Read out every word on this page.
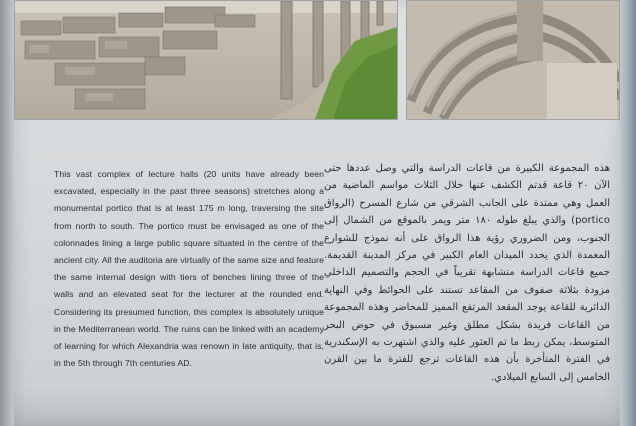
This vast complex of lecture halls (20 units have already been excavated, especially in the past three seasons) stretches along a monumental portico that is at least 175 m long, traversing the site from north to south. The portico must be envisaged as one of the colonnades lining a large public square situated in the centre of the ancient city. All the auditoria are virtually of the same size and feature the same internal design with tiers of benches lining three of the walls and an elevated seat for the lecturer at the rounded end. Considering its presumed function, this complex is absolutely unique in the Mediterranean world. The ruins can be linked with an academy of learning for which Alexandria was renown in late antiquity, that is, in the 5th through 7th centuries AD.
هذه المجموعة الكبيرة من قاعات الدراسة والتي وصل عددها حتى الآن ٢٠ قاعة قدتم الكشف عنها خلال الثلاث مواسم الماضية من العمل وهي ممتدة على الجانب الشرقي من شارع المسرح (الرواق portico) والذي يبلغ طوله ١٨٠ متر ويمر بالموقع من الشمال إلى الجنوب، ومن الضروري رؤية هذا الرواق على أنه نموذج للشوارع المعمدة الذي يحدد الميدان العام الكبير في مركز المدينة القديمة. جميع قاعات الدراسة متشابهة تقريباً في الحجم والتصميم الداخلي مزودة بثلاثة صفوف من المقاعد تستند على الحوائط وفي النهاية الدائرية للقاعة يوجد المقعد المرتفع المميز للمحاضر وهذه المجموعة من القاعات فريدة بشكل مطلق وغير مسبوق في حوض البحر المتوسط، يمكن ربط ما تم العثور عليه والذي اشتهرت به الإسكندرية في الفترة المتأخرة بأن هذه القاعات ترجع للفترة ما بين القرن الخامس إلى السابع الميلادي.
